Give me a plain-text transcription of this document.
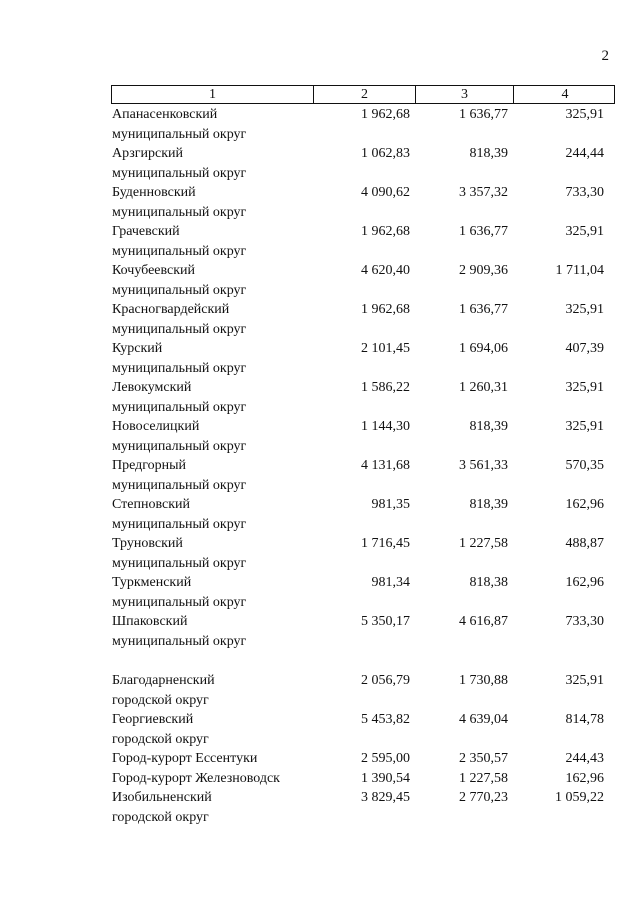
2
1	2	3	4
Апанасенковский
муниципальный округ
1 962,68	1 636,77	325,91
Арзгирский
муниципальный округ
1 062,83	818,39	244,44
Буденновский
муниципальный округ
4 090,62	3 357,32	733,30
Грачевский
муниципальный округ
1 962,68	1 636,77	325,91
Кочубеевский
муниципальный округ
4 620,40	2 909,36	1 711,04
Красногвардейский
муниципальный округ
1 962,68	1 636,77	325,91
Курский
муниципальный округ
2 101,45	1 694,06	407,39
Левокумский
муниципальный округ
1 586,22	1 260,31	325,91
Новоселицкий
муниципальный округ
1 144,30	818,39	325,91
Предгорный
муниципальный округ
4 131,68	3 561,33	570,35
Степновский
муниципальный округ
981,35	818,39	162,96
Труновский
муниципальный округ
1 716,45	1 227,58	488,87
Туркменский
муниципальный округ
981,34	818,38	162,96
Шпаковский
муниципальный округ
5 350,17	4 616,87	733,30
Благодарненский
городской округ
2 056,79	1 730,88	325,91
Георгиевский
городской округ
5 453,82	4 639,04	814,78
Город-курорт Ессентуки	2 595,00	2 350,57	244,43
Город-курорт Железноводск	1 390,54	1 227,58	162,96
Изобильненский
городской округ
3 829,45	2 770,23	1 059,22
